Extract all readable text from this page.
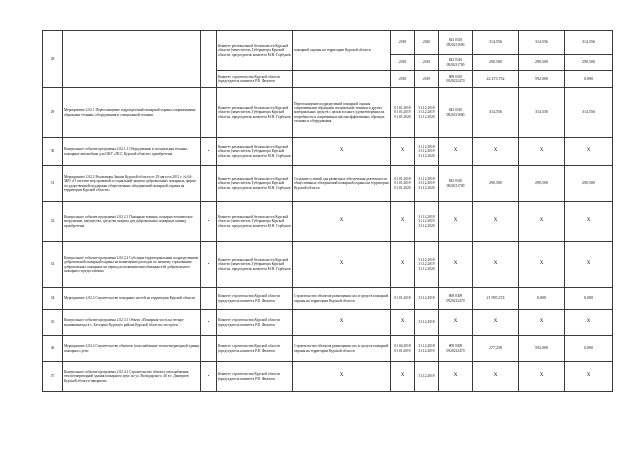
28			Комитет региональной безопасности Курской области (заместитель Губернатора Курской области, председатель комитета М.Н. Горбунов	пожарной охраны на территории Курской области	2018	2020	843 0310 0920211690	314,556	314,556	314,556
					2018	2019	843 0310 0920211700	290,500	290,500	290,500
			Комитет строительства Курской области (председатель комитета Р.В. Филатов		2018	2019	808 0310 0920212470	22 273,752	592,000	0,000
29	Мероприятие 2.02.1 Переоснащение подразделений пожарной охраны современными образцами техники, оборудования и специальной техники		Комитет региональной безопасности Курской области (заместитель Губернатора Курской области, председатель комитета М.Н. Горбунов	Переоснащение подразделений пожарной охраны современными образцами специальной техники и других материальных средств с целью полного удовлетворения их потребности в современных высокоэффективных образцах техники и оборудования	01.01.2018 01.01.2019 01.01.2020	31.12.2018 31.12.2019 31.12.2020	843 0310 0920211690	314,556	314,556	314,556
30	Контрольное событие программы 2.02.1.1 Оборудование и специальная техника, пожарные автомобили для ОКУ «ПСС Курской области» приобретены	•	Комитет региональной безопасности Курской области (заместитель Губернатора Курской области, председатель комитета М.Н. Горбунов	X	X	31.12.2018 31.12.2019 31.12.2020	X	X	X	X
31	Мероприятие 2.02.2 Реализация Закона Курской области от 29 августа 2011 г. № 64-ЗКО «О системе мер правовой и социальной защиты добровольных пожарных, форме государственной поддержки общественных объединений пожарной охраны на территории Курской области»		Комитет региональной безопасности Курской области (заместитель Губернатора Курской области, председатель комитета М.Н. Горбунов	Создание условий для развития и обеспечения деятельности общественных объединений пожарной охраны на территории Курской области	01.01.2018 01.01.2019 01.01.2020	31.12.2018 31.12.2019 31.12.2020	843 0310 0920211700	290,500	290,500	290,500
32	Контрольное событие программы 2.02.2.1 Пожарная техника, пожарно-техническое вооружение, имущество, средства защиты для добровольных пожарных команд приобретены	•	Комитет региональной безопасности Курской области (заместитель Губернатора Курской области, председатель комитета М.Н. Горбунов	X	X	31.12.2018 31.12.2019 31.12.2020	X	X	X	X
33	Контрольное событие программы 2.02.2.2 Субсидия территориальным подразделениям добровольной пожарной охраны на возмещение расходов по личному страхованию добровольных пожарных на период исполнения ими обязанностей добровольного пожарного предоставлена	•	Комитет региональной безопасности Курской области (заместитель Губернатора Курской области, председатель комитета М.Н. Горбунов	X	X	31.12.2018 31.12.2019 31.12.2020	X	X	X	X
34	Мероприятие 2.02.3 Строительство пожарных частей на территории Курской области		Комитет строительства Курской области (председатель комитета Р.В. Филатов	Строительство объектов размещения сил и средств пожарной охраны на территории Курской области	01.01.2018	31.12.2018	808 0309 0920212470	21 995,374	0,000	0,000
35	Контрольное событие программы 2.02.3.1 Объект «Пожарная часть на четыре машиновыезда в с. Бесединo Курского района Курской области» построен	•	Комитет строительства Курской области (председатель комитета Р.В. Филатов	X	X	31.12.2018	X	X	X	X
36	Мероприятие 2.02.4 Строительство объектов (газоснабжение теплогенераторной здания пожарного депо		Комитет строительства Курской области (председатель комитета Р.В. Филатов	Строительство объектов размещения сил и средств пожарной охраны на территории Курской области	01.04.2018 01.01.2019	31.12.2018 31.12.2019	808 0309 0920212470	277,258	592,000	0,000
37	Контрольное событие программы 2.02.4.1 Строительство объекта газоснабжения теплогенераторной здания пожарного депо по ул. Володарского, 40 в г. Дмитриев Курской области завершено	•	Комитет строительства Курской области (председатель комитета Р.В. Филатов	X	X	31.12.2019	X	X	X	X
